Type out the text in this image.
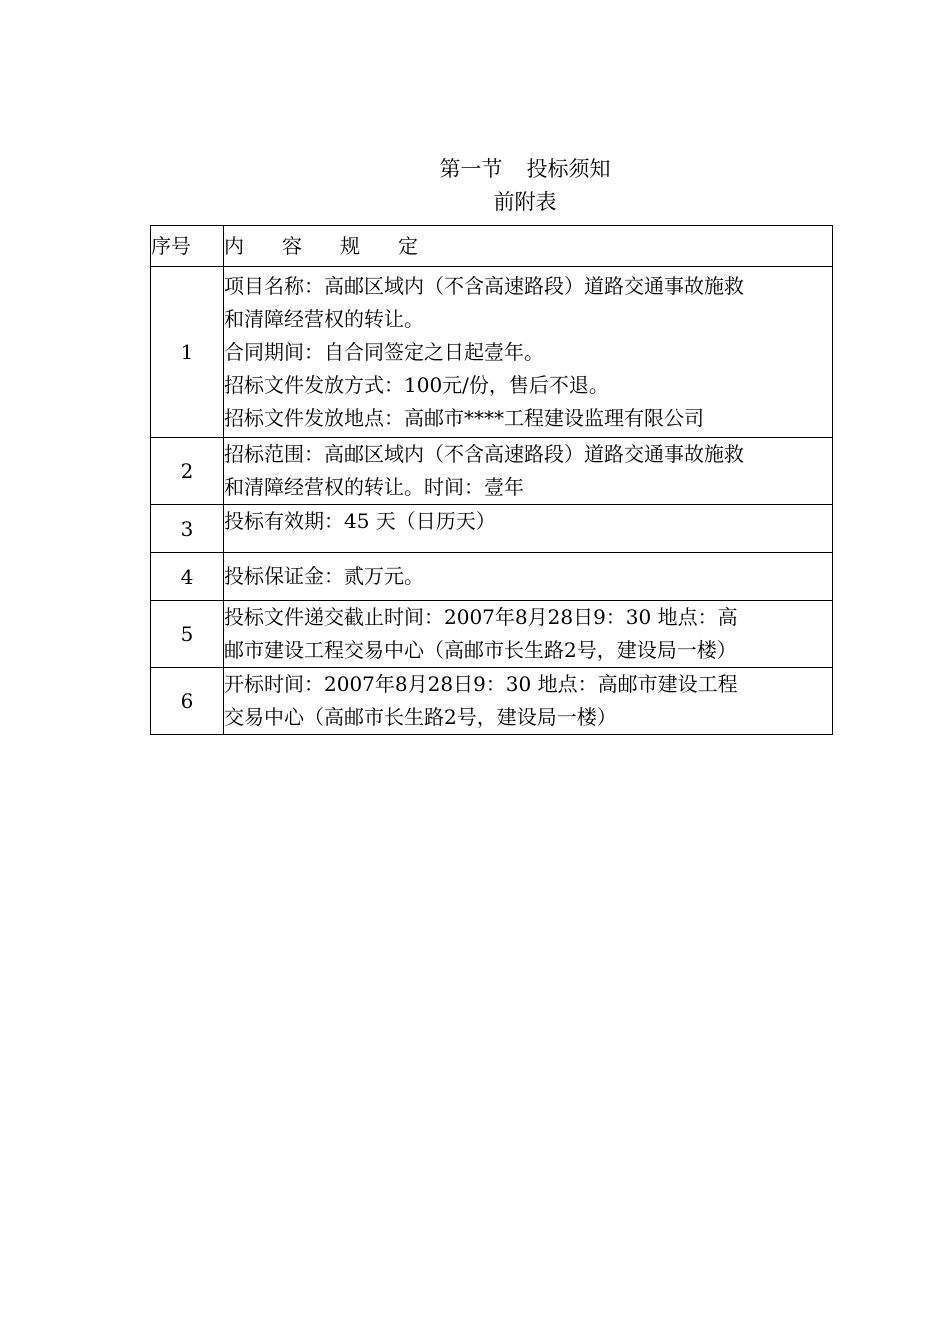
第一节 投标须知
前附表
序号	内 容 规 定
1	项目名称：高邮区域内（不含高速路段）道路交通事故施救
和清障经营权的转让。
合同期间：自合同签定之日起壹年。
招标文件发放方式：100元/份，售后不退。
招标文件发放地点：高邮市****工程建设监理有限公司

2	招标范围：高邮区域内（不含高速路段）道路交通事故施救
和清障经营权的转让。时间：壹年

3	投标有效期：45 天（日历天）

4	投标保证金：贰万元。

5	投标文件递交截止时间：2007年8月28日9：30 地点：高
邮市建设工程交易中心（高邮市长生路2号，建设局一楼）

6	开标时间：2007年8月28日9：30 地点：高邮市建设工程
交易中心（高邮市长生路2号，建设局一楼）
